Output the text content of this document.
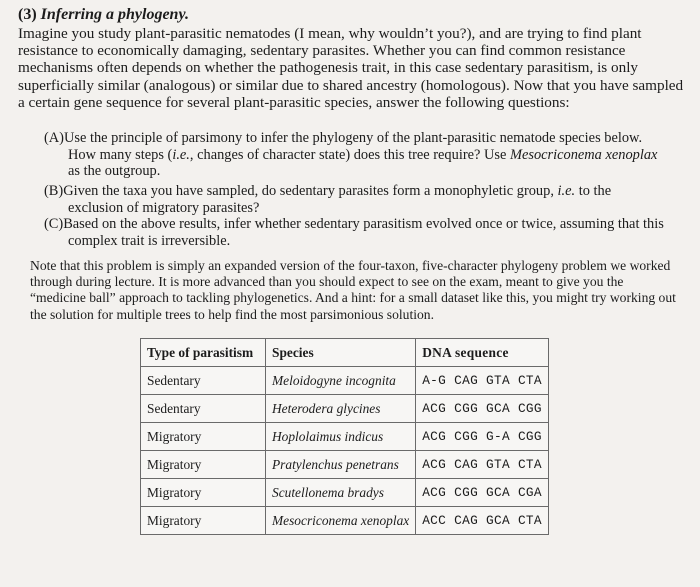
(3) Inferring a phylogeny.
Imagine you study plant-parasitic nematodes (I mean, why wouldn’t you?), and are trying to find plant resistance to economically damaging, sedentary parasites. Whether you can find common resistance mechanisms often depends on whether the pathogenesis trait, in this case sedentary parasitism, is only superficially similar (analogous) or similar due to shared ancestry (homologous). Now that you have sampled a certain gene sequence for several plant-parasitic species, answer the following questions:
(A)Use the principle of parsimony to infer the phylogeny of the plant-parasitic nematode species below.
How many steps (i.e., changes of character state) does this tree require? Use Mesocriconema xenoplax
as the outgroup.
(B)Given the taxa you have sampled, do sedentary parasites form a monophyletic group, i.e. to the
exclusion of migratory parasites?
(C)Based on the above results, infer whether sedentary parasitism evolved once or twice, assuming that this
complex trait is irreversible.
Note that this problem is simply an expanded version of the four-taxon, five-character phylogeny problem we worked through during lecture. It is more advanced than you should expect to see on the exam, meant to give you the “medicine ball” approach to tackling phylogenetics. And a hint: for a small dataset like this, you might try working out the solution for multiple trees to help find the most parsimonious solution.
Type of parasitism	Species	DNA sequence
Sedentary	Meloidogyne incognita	A-G CAG GTA CTA
Sedentary	Heterodera glycines	ACG CGG GCA CGG
Migratory	Hoplolaimus indicus	ACG CGG G-A CGG
Migratory	Pratylenchus penetrans	ACG CAG GTA CTA
Migratory	Scutellonema bradys	ACG CGG GCA CGA
Migratory	Mesocriconema xenoplax	ACC CAG GCA CTA
